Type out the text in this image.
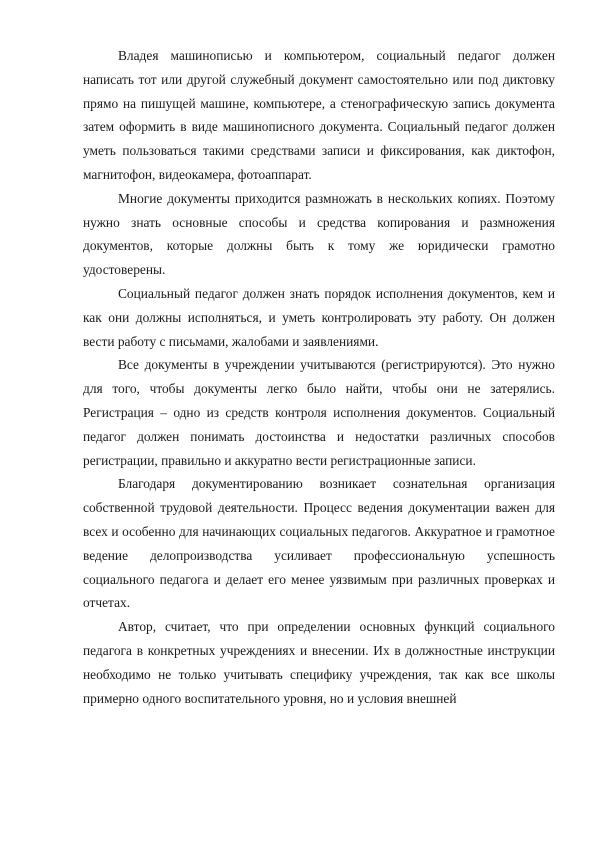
Владея машинописью и компьютером, социальный педагог должен написать тот или другой служебный документ самостоятельно или под диктовку прямо на пишущей машине, компьютере, а стенографическую запись документа затем оформить в виде машинописного документа. Социальный педагог должен уметь пользоваться такими средствами записи и фиксирования, как диктофон, магнитофон, видеокамера, фотоаппарат.

Многие документы приходится размножать в нескольких копиях. Поэтому нужно знать основные способы и средства копирования и размножения документов, которые должны быть к тому же юридически грамотно удостоверены.

Социальный педагог должен знать порядок исполнения документов, кем и как они должны исполняться, и уметь контролировать эту работу. Он должен вести работу с письмами, жалобами и заявлениями.

Все документы в учреждении учитываются (регистрируются). Это нужно для того, чтобы документы легко было найти, чтобы они не затерялись. Регистрация – одно из средств контроля исполнения документов. Социальный педагог должен понимать достоинства и недостатки различных способов регистрации, правильно и аккуратно вести регистрационные записи.

Благодаря документированию возникает сознательная организация собственной трудовой деятельности. Процесс ведения документации важен для всех и особенно для начинающих социальных педагогов. Аккуратное и грамотное ведение делопроизводства усиливает профессиональную успешность социального педагога и делает его менее уязвимым при различных проверках и отчетах.

Автор, считает, что при определении основных функций социального педагога в конкретных учреждениях и внесении. Их в должностные инструкции необходимо не только учитывать специфику учреждения, так как все школы примерно одного воспитательного уровня, но и условия внешней
